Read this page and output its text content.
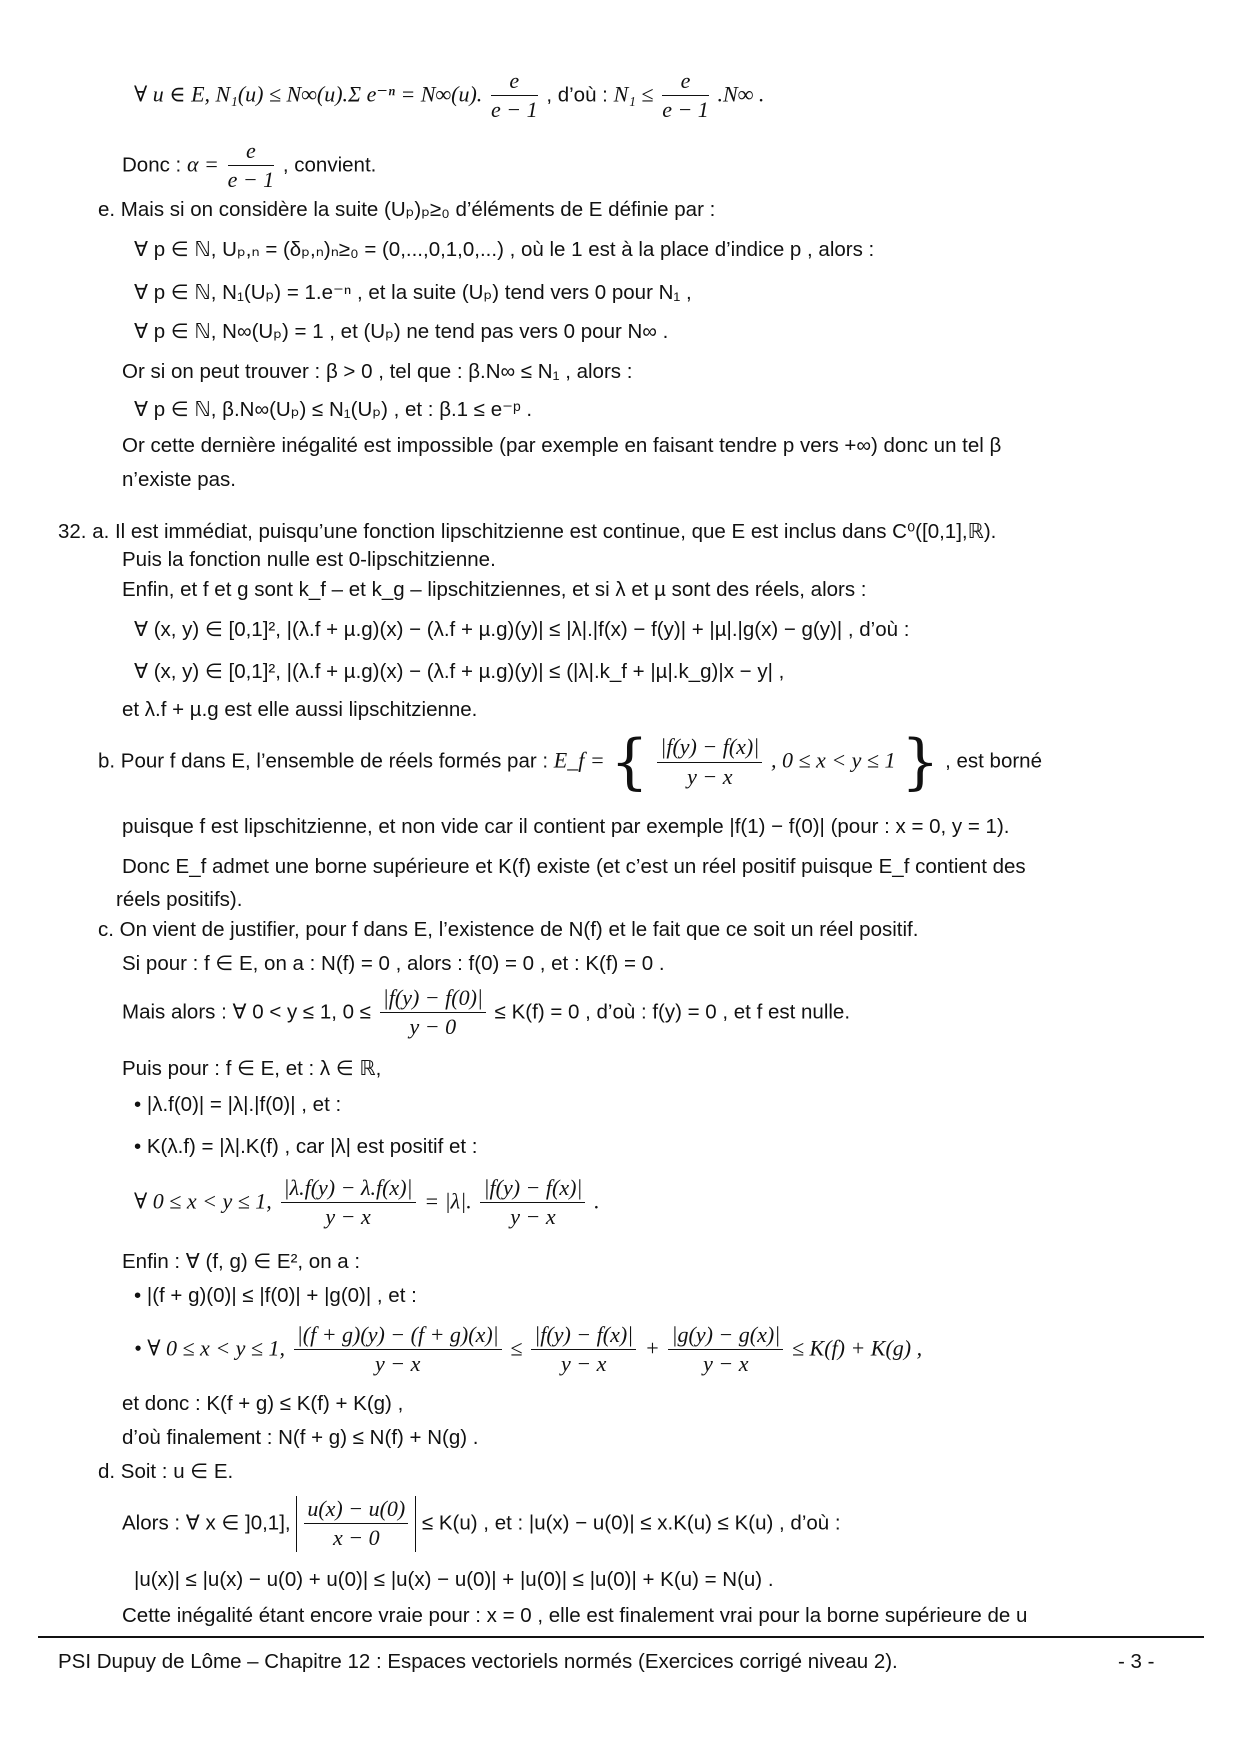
∀ u ∈ E, N₁(u) ≤ N∞(u).Σ e⁻ⁿ = N∞(u). $\frac{e}{e - 1}$ , d’où : $N_1 \le \frac{e}{e - 1} .N\infty$ .
Donc : $\alpha = \frac{e}{e - 1}$ , convient.
e. Mais si on considère la suite (Uₚ)ₚ≥₀ d’éléments de E définie par :
∀ p ∈ ℕ, Uₚ,ₙ = (δₚ,ₙ)ₙ≥₀ = (0,...,0,1,0,...) , où le 1 est à la place d’indice p , alors :
∀ p ∈ ℕ, N₁(Uₚ) = 1.e⁻ⁿ , et la suite (Uₚ) tend vers 0 pour N₁ ,
∀ p ∈ ℕ, N∞(Uₚ) = 1 , et (Uₚ) ne tend pas vers 0 pour N∞ .
Or si on peut trouver : β > 0 , tel que : β.N∞ ≤ N₁ , alors :
∀ p ∈ ℕ, β.N∞(Uₚ) ≤ N₁(Uₚ) , et : β.1 ≤ e⁻ᵖ .
Or cette dernière inégalité est impossible (par exemple en faisant tendre p vers +∞) donc un tel β
n’existe pas.
32. a. Il est immédiat, puisqu’une fonction lipschitzienne est continue, que E est inclus dans C⁰([0,1],ℝ).
Puis la fonction nulle est 0-lipschitzienne.
Enfin, et f et g sont k_f – et k_g – lipschitziennes, et si λ et µ sont des réels, alors :
∀ (x, y) ∈ [0,1]², |(λ.f + µ.g)(x) − (λ.f + µ.g)(y)| ≤ |λ|.|f(x) − f(y)| + |µ|.|g(x) − g(y)| , d’où :
∀ (x, y) ∈ [0,1]², |(λ.f + µ.g)(x) − (λ.f + µ.g)(y)| ≤ (|λ|.k_f + |µ|.k_g)|x − y| ,
et λ.f + µ.g est elle aussi lipschitzienne.
b. Pour f dans E, l’ensemble de réels formés par : E_f = { $\frac{|f(y) - f(x)|}{y - x}$ , 0 ≤ x < y ≤ 1 } , est borné
puisque f est lipschitzienne, et non vide car il contient par exemple |f(1) − f(0)| (pour : x = 0, y = 1).
Donc E_f admet une borne supérieure et K(f) existe (et c’est un réel positif puisque E_f contient des
réels positifs).
c. On vient de justifier, pour f dans E, l’existence de N(f) et le fait que ce soit un réel positif.
Si pour : f ∈ E, on a : N(f) = 0 , alors : f(0) = 0 , et : K(f) = 0 .
Mais alors : ∀ 0 < y ≤ 1, $0 \le \frac{|f(y) - f(0)|}{y - 0} \le K(f) = 0$ , d’où : f(y) = 0 , et f est nulle.
Puis pour : f ∈ E, et : λ ∈ ℝ,
• |λ.f(0)| = |λ|.|f(0)| , et :
• K(λ.f) = |λ|.K(f) , car |λ| est positif et :
∀ 0 ≤ x < y ≤ 1, $\frac{|\lambda.f(y) - \lambda.f(x)|}{y - x} = |\lambda|$. $\frac{|f(y) - f(x)|}{y - x}$ .
Enfin : ∀ (f, g) ∈ E², on a :
• |(f + g)(0)| ≤ |f(0)| + |g(0)| , et :
• ∀ 0 ≤ x < y ≤ 1, $\frac{|(f + g)(y) - (f + g)(x)|}{y - x} \le \frac{|f(y) - f(x)|}{y - x} + \frac{|g(y) - g(x)|}{y - x} \le K(f) + K(g)$ ,
et donc : K(f + g) ≤ K(f) + K(g) ,
d’où finalement : N(f + g) ≤ N(f) + N(g) .
d. Soit : u ∈ E.
Alors : ∀ x ∈ ]0,1], $\frac{u(x) - u(0)}{x - 0} \le K(u)$ , et : |u(x) − u(0)| ≤ x.K(u) ≤ K(u) , d’où :
|u(x)| ≤ |u(x) − u(0) + u(0)| ≤ |u(x) − u(0)| + |u(0)| ≤ |u(0)| + K(u) = N(u) .
Cette inégalité étant encore vraie pour : x = 0 , elle est finalement vrai pour la borne supérieure de u
PSI Dupuy de Lôme – Chapitre 12 : Espaces vectoriels normés (Exercices corrigé niveau 2).	- 3 -
